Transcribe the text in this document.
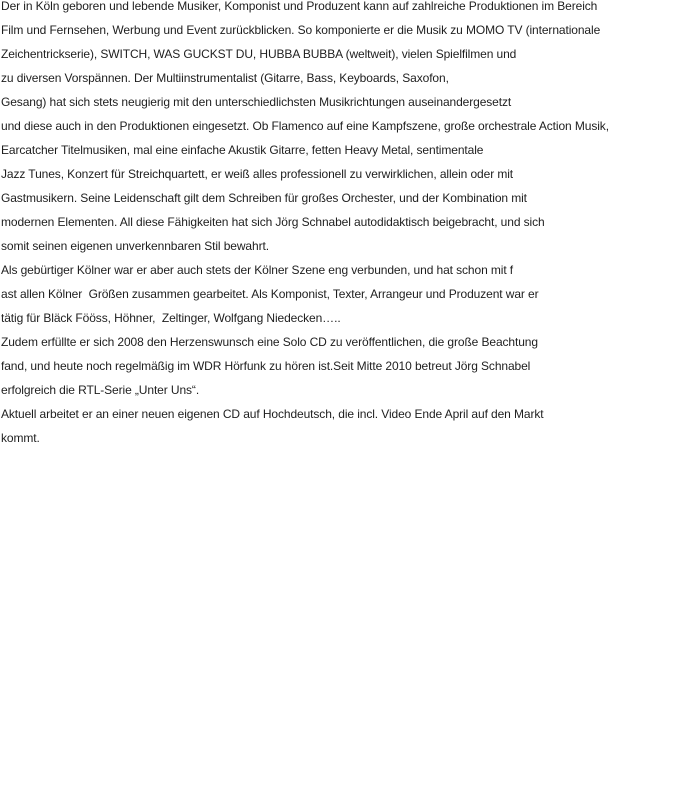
Der in Köln geboren und lebende Musiker, Komponist und Produzent kann auf zahlreiche Produktionen im Bereich
Film und Fernsehen, Werbung und Event zurückblicken. So komponierte er die Musik zu MOMO TV (internationale
Zeichentrickserie), SWITCH, WAS GUCKST DU, HUBBA BUBBA (weltweit), vielen Spielfilmen und
zu diversen Vorspännen. Der Multiinstrumentalist (Gitarre, Bass, Keyboards, Saxofon,
Gesang) hat sich stets neugierig mit den unterschiedlichsten Musikrichtungen auseinandergesetzt
und diese auch in den Produktionen eingesetzt. Ob Flamenco auf eine Kampfszene, große orchestrale Action Musik,
Earcatcher Titelmusiken, mal eine einfache Akustik Gitarre, fetten Heavy Metal, sentimentale
Jazz Tunes, Konzert für Streichquartett, er weiß alles professionell zu verwirklichen, allein oder mit
Gastmusikern. Seine Leidenschaft gilt dem Schreiben für großes Orchester, und der Kombination mit
modernen Elementen. All diese Fähigkeiten hat sich Jörg Schnabel autodidaktisch beigebracht, und sich
somit seinen eigenen unverkennbaren Stil bewahrt.
Als gebürtiger Kölner war er aber auch stets der Kölner Szene eng verbunden, und hat schon mit f
ast allen Kölner  Größen zusammen gearbeitet. Als Komponist, Texter, Arrangeur und Produzent war er
tätig für Bläck Fööss, Höhner,  Zeltinger, Wolfgang Niedecken…..
Zudem erfüllte er sich 2008 den Herzenswunsch eine Solo CD zu veröffentlichen, die große Beachtung
fand, und heute noch regelmäßig im WDR Hörfunk zu hören ist.Seit Mitte 2010 betreut Jörg Schnabel
erfolgreich die RTL-Serie „Unter Uns“.
Aktuell arbeitet er an einer neuen eigenen CD auf Hochdeutsch, die incl. Video Ende April auf den Markt
kommt.
